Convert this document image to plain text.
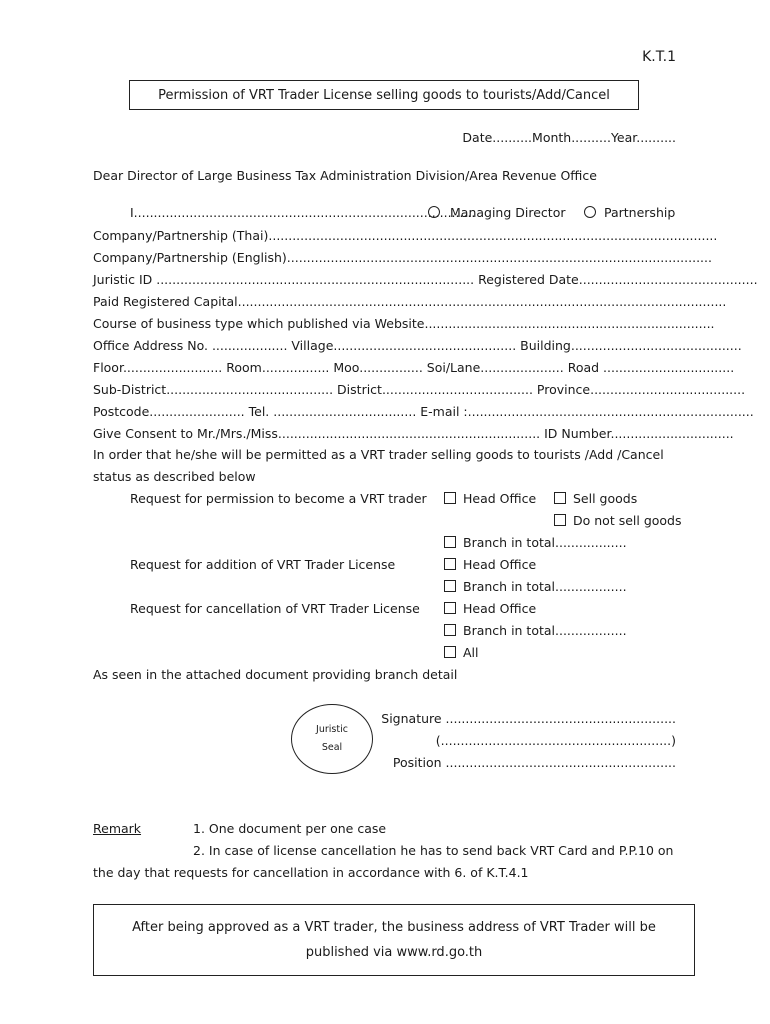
K.T.1
Permission of VRT Trader License selling goods to tourists/Add/Cancel
Date..........Month..........Year..........
Dear Director of Large Business Tax Administration Division/Area Revenue Office
I......................................................................................
Managing Director	Partnership
Company/Partnership (Thai).................................................................................................................
Company/Partnership (English)...........................................................................................................
Juristic ID ................................................................................ Registered Date.............................................
Paid Registered Capital...........................................................................................................................
Course of business type which published via Website.........................................................................
Office Address No. ................... Village.............................................. Building...........................................
Floor......................... Room................. Moo................ Soi/Lane..................... Road .................................
Sub-District.......................................... District...................................... Province.......................................
Postcode........................ Tel. .................................... E-mail :........................................................................
Give Consent to Mr./Mrs./Miss.................................................................. ID Number...............................
In order that he/she will be permitted as a VRT trader selling goods to tourists /Add /Cancel
status as described below
Request for permission to become a VRT trader	Head Office	Sell goods
Do not sell goods
Branch in total..................
Request for addition of VRT Trader License	Head Office
Branch in total..................
Request for cancellation of VRT Trader License	Head Office
Branch in total..................
All
As seen in the attached document providing branch detail
Juristic
Seal
Signature ..........................................................
(..........................................................)
Position ..........................................................
Remark	1. One document per one case
2. In case of license cancellation he has to send back VRT Card and P.P.10 on
the day that requests for cancellation in accordance with 6. of K.T.4.1
After being approved as a VRT trader, the business address of VRT Trader will be
published via www.rd.go.th
